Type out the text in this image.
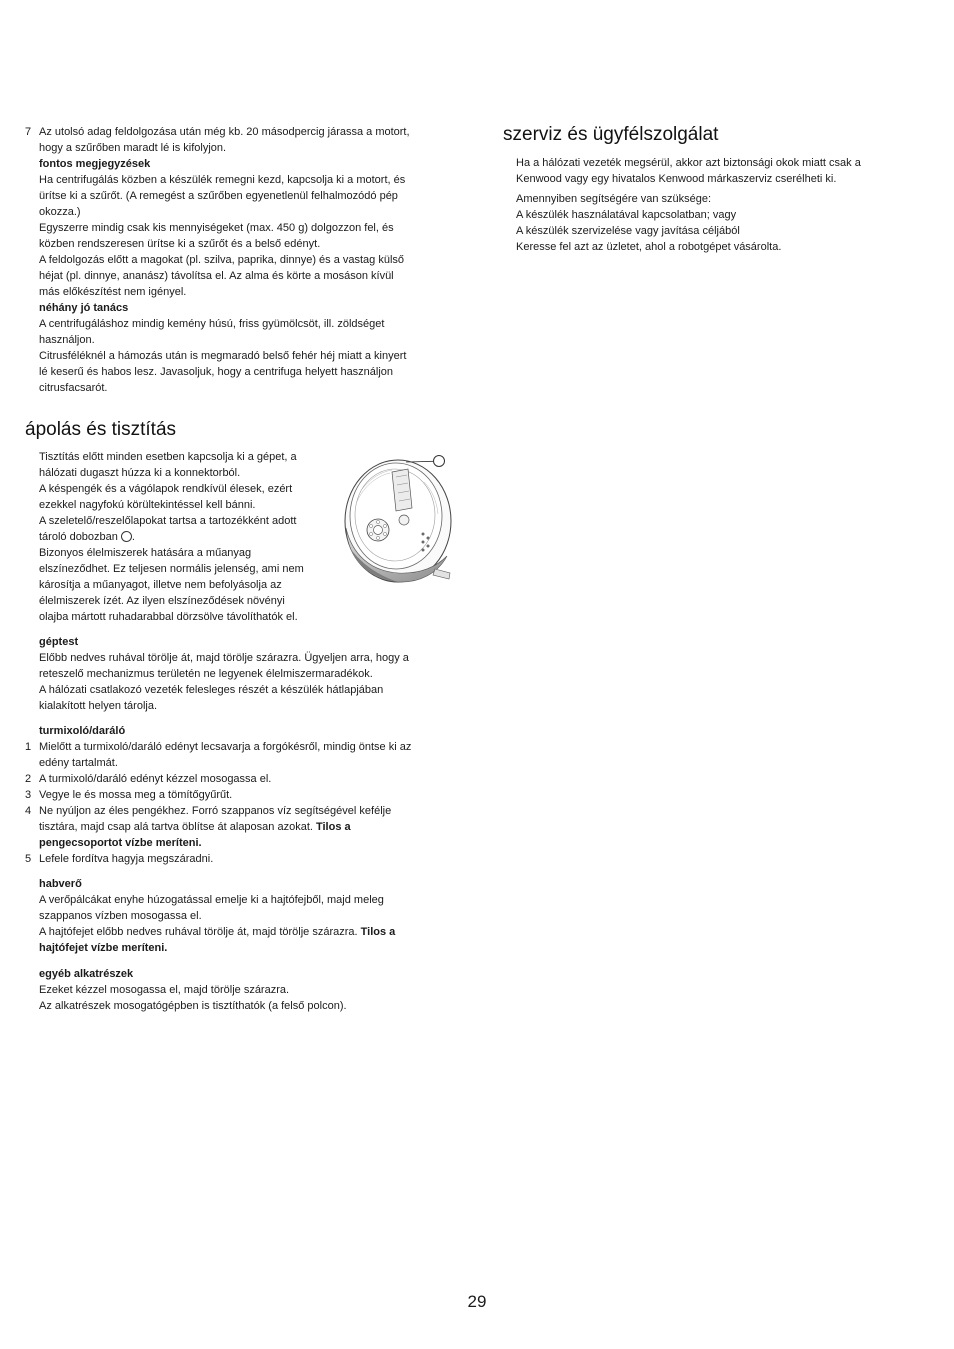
7 Az utolsó adag feldolgozása után még kb. 20 másodpercig járassa a motort,
hogy a szűrőben maradt lé is kifolyjon.
fontos megjegyzések
Ha centrifugálás közben a készülék remegni kezd, kapcsolja ki a motort, és
ürítse ki a szűrőt. (A remegést a szűrőben egyenetlenül felhalmozódó pép
okozza.)
Egyszerre mindig csak kis mennyiségeket (max. 450 g) dolgozzon fel, és
közben rendszeresen ürítse ki a szűrőt és a belső edényt.
A feldolgozás előtt a magokat (pl. szilva, paprika, dinnye) és a vastag külső
héjat (pl. dinnye, ananász) távolítsa el. Az alma és körte a mosáson kívül
más előkészítést nem igényel.
néhány jó tanács
A centrifugáláshoz mindig kemény húsú, friss gyümölcsöt, ill. zöldséget
használjon.
Citrusféléknél a hámozás után is megmaradó belső fehér héj miatt a kinyert
lé keserű és habos lesz. Javasoljuk, hogy a centrifuga helyett használjon
citrusfacsarót.
ápolás és tisztítás
Tisztítás előtt minden esetben kapcsolja ki a gépet, a
hálózati dugaszt húzza ki a konnektorból.
A késpengék és a vágólapok rendkívül élesek, ezért
ezekkel nagyfokú körültekintéssel kell bánni.
A szeletelő/reszelőlapokat tartsa a tartozékként adott
tároló dobozban .
Bizonyos élelmiszerek hatására a műanyag
elszíneződhet. Ez teljesen normális jelenség, ami nem
károsítja a műanyagot, illetve nem befolyásolja az
élelmiszerek ízét. Az ilyen elszíneződések növényi
olajba mártott ruhadarabbal dörzsölve távolíthatók el.
géptest
Előbb nedves ruhával törölje át, majd törölje szárazra. Ügyeljen arra, hogy a
reteszelő mechanizmus területén ne legyenek élelmiszermaradékok.
A hálózati csatlakozó vezeték felesleges részét a készülék hátlapjában
kialakított helyen tárolja.
turmixoló/daráló
1 Mielőtt a turmixoló/daráló edényt lecsavarja a forgókésről, mindig öntse ki az
edény tartalmát.
2 A turmixoló/daráló edényt kézzel mosogassa el.
3 Vegye le és mossa meg a tömítőgyűrűt.
4 Ne nyúljon az éles pengékhez. Forró szappanos víz segítségével kefélje
tisztára, majd csap alá tartva öblítse át alaposan azokat. Tilos a
pengecsoportot vízbe meríteni.
5 Lefele fordítva hagyja megszáradni.
habverő
A verőpálcákat enyhe húzogatással emelje ki a hajtófejből, majd meleg
szappanos vízben mosogassa el.
A hajtófejet előbb nedves ruhával törölje át, majd törölje szárazra. Tilos a
hajtófejet vízbe meríteni.
egyéb alkatrészek
Ezeket kézzel mosogassa el, majd törölje szárazra.
Az alkatrészek mosogatógépben is tisztíthatók (a felső polcon).
szerviz és ügyfélszolgálat
Ha a hálózati vezeték megsérül, akkor azt biztonsági okok miatt csak a
Kenwood vagy egy hivatalos Kenwood márkaszerviz cserélheti ki.
Amennyiben segítségére van szüksége:
A készülék használatával kapcsolatban; vagy
A készülék szervizelése vagy javítása céljából
Keresse fel azt az üzletet, ahol a robotgépet vásárolta.
29
